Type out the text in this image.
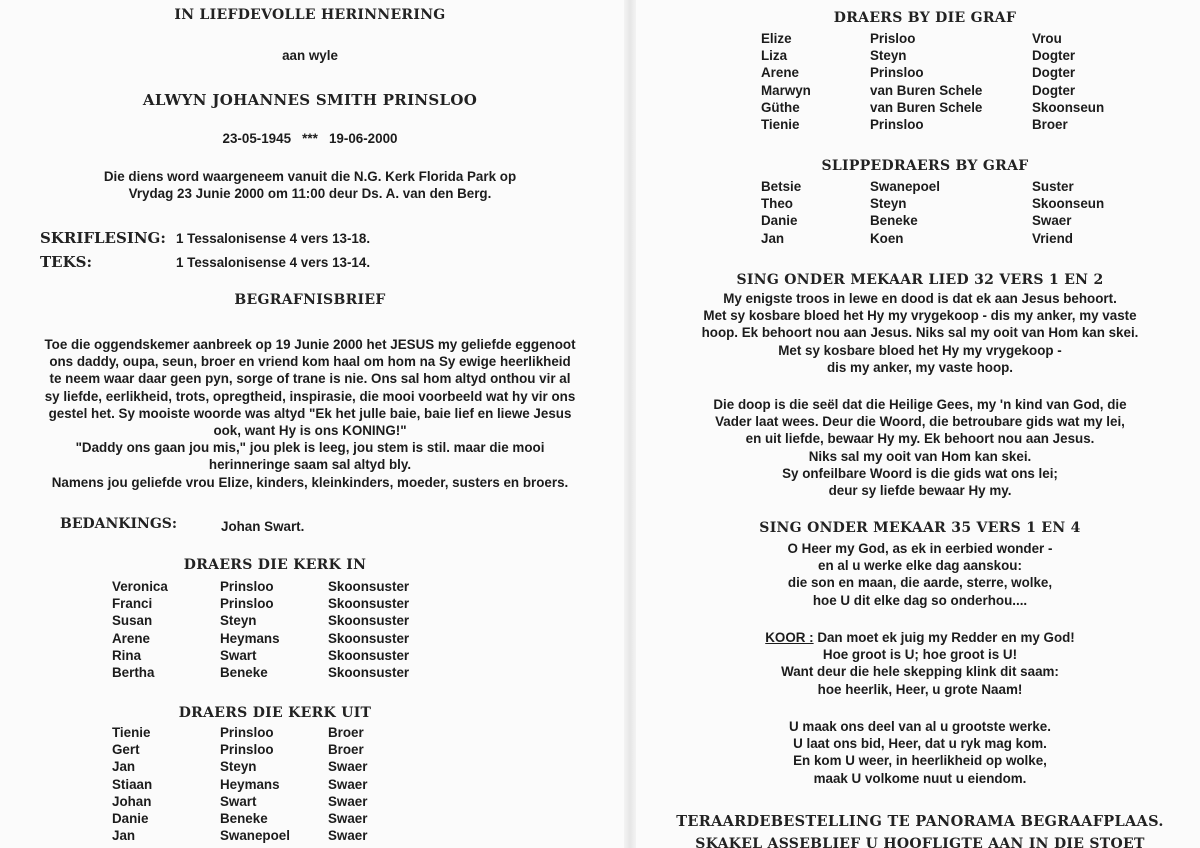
IN LIEFDEVOLLE HERINNERING
aan wyle
ALWYN JOHANNES SMITH PRINSLOO
23-05-1945   ***   19-06-2000
Die diens word waargeneem vanuit die N.G. Kerk Florida Park op
Vrydag 23 Junie 2000 om 11:00 deur Ds. A. van den Berg.
SKRIFLESING: 1 Tessalonisense 4 vers 13-18.
TEKS:	1 Tessalonisense 4 vers 13-14.
BEGRAFNISBRIEF
Toe die oggendskemer aanbreek op 19 Junie 2000 het JESUS my geliefde eggenoot
ons daddy, oupa, seun, broer en vriend kom haal om hom na Sy ewige heerlikheid
te neem waar daar geen pyn, sorge of trane is nie. Ons sal hom altyd onthou vir al
sy liefde, eerlikheid, trots, opregtheid, inspirasie, die mooi voorbeeld wat hy vir ons
gestel het. Sy mooiste woorde was altyd "Ek het julle baie, baie lief en liewe Jesus
ook, want Hy is ons KONING!"
"Daddy ons gaan jou mis," jou plek is leeg, jou stem is stil. maar die mooi
herinneringe saam sal altyd bly.
Namens jou geliefde vrou Elize, kinders, kleinkinders, moeder, susters en broers.
BEDANKINGS:	Johan Swart.
DRAERS DIE KERK IN
Veronica	Prinsloo	Skoonsuster
Franci	Prinsloo	Skoonsuster
Susan	Steyn	Skoonsuster
Arene	Heymans	Skoonsuster
Rina	Swart	Skoonsuster
Bertha	Beneke	Skoonsuster
DRAERS DIE KERK UIT
Tienie	Prinsloo	Broer
Gert	Prinsloo	Broer
Jan	Steyn	Swaer
Stiaan	Heymans	Swaer
Johan	Swart	Swaer
Danie	Beneke	Swaer
Jan	Swanepoel	Swaer
DRAERS BY DIE GRAF
Elize	Prisloo	Vrou
Liza	Steyn	Dogter
Arene	Prinsloo	Dogter
Marwyn	van Buren Schele	Dogter
Güthe	van Buren Schele	Skoonseun
Tienie	Prinsloo	Broer
SLIPPEDRAERS BY GRAF
Betsie	Swanepoel	Suster
Theo	Steyn	Skoonseun
Danie	Beneke	Swaer
Jan	Koen	Vriend
SING ONDER MEKAAR LIED 32 VERS 1 EN 2
My enigste troos in lewe en dood is dat ek aan Jesus behoort.
Met sy kosbare bloed het Hy my vrygekoop - dis my anker, my vaste
hoop. Ek behoort nou aan Jesus. Niks sal my ooit van Hom kan skei.
Met sy kosbare bloed het Hy my vrygekoop -
dis my anker, my vaste hoop.
Die doop is die seël dat die Heilige Gees, my 'n kind van God, die
Vader laat wees. Deur die Woord, die betroubare gids wat my lei,
en uit liefde, bewaar Hy my. Ek behoort nou aan Jesus.
Niks sal my ooit van Hom kan skei.
Sy onfeilbare Woord is die gids wat ons lei;
deur sy liefde bewaar Hy my.
SING ONDER MEKAAR 35 VERS 1 EN 4
O Heer my God, as ek in eerbied wonder -
en al u werke elke dag aanskou:
die son en maan, die aarde, sterre, wolke,
hoe U dit elke dag so onderhou....
KOOR : Dan moet ek juig my Redder en my God!
Hoe groot is U; hoe groot is U!
Want deur die hele skepping klink dit saam:
hoe heerlik, Heer, u grote Naam!
U maak ons deel van al u grootste werke.
U laat ons bid, Heer, dat u ryk mag kom.
En kom U weer, in heerlikheid op wolke,
maak U volkome nuut u eiendom.
TERAARDEBESTELLING TE PANORAMA BEGRAAFPLAAS.
SKAKEL ASSEBLIEF U HOOFLIGTE AAN IN DIE STOET
